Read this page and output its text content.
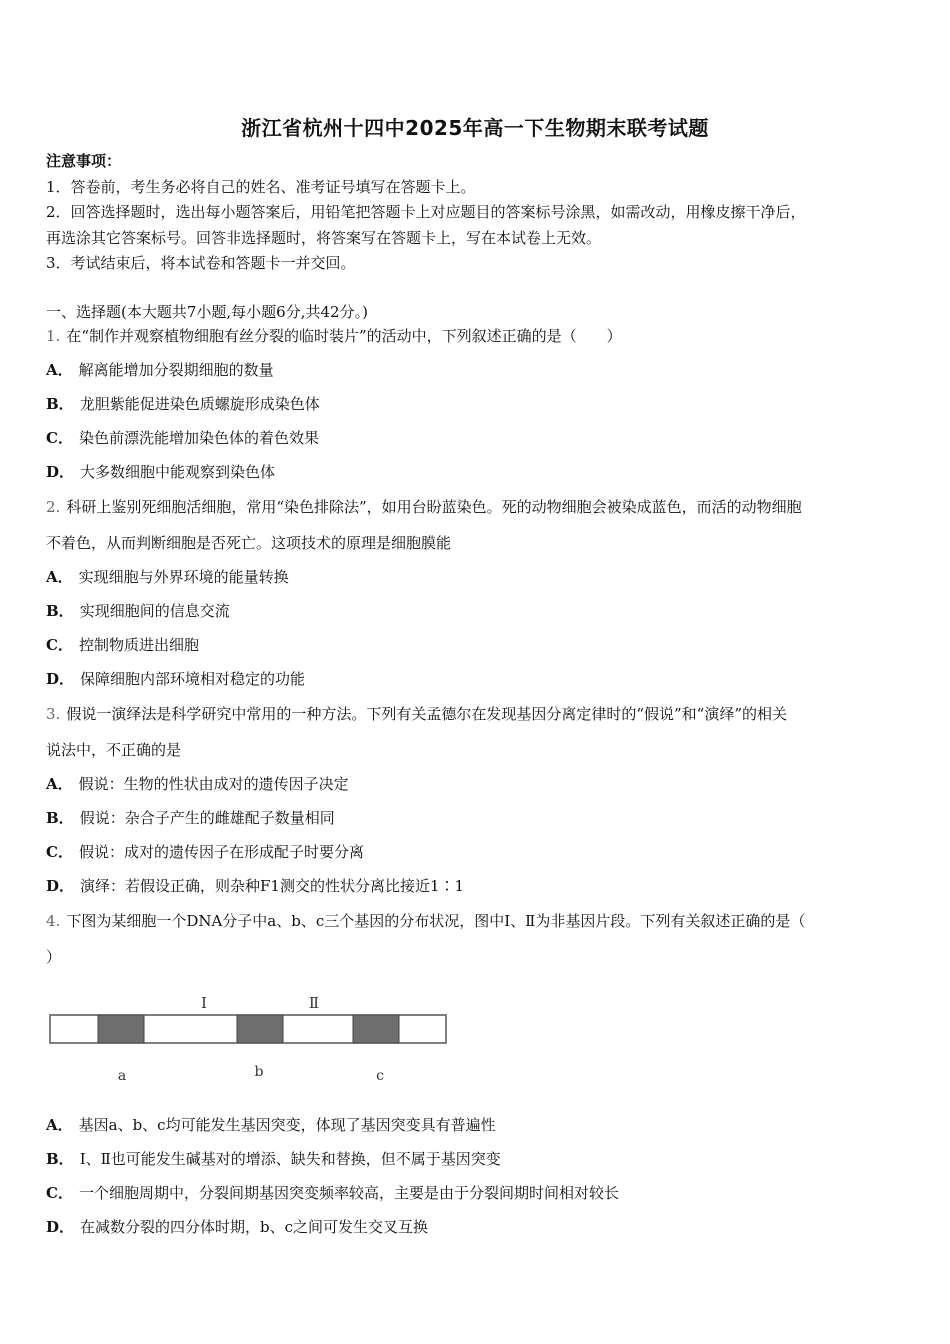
浙江省杭州十四中2025年高一下生物期末联考试题
注意事项：
1．答卷前，考生务必将自己的姓名、准考证号填写在答题卡上。
2．回答选择题时，选出每小题答案后，用铅笔把答题卡上对应题目的答案标号涂黑，如需改动，用橡皮擦干净后，
再选涂其它答案标号。回答非选择题时，将答案写在答题卡上，写在本试卷上无效。
3．考试结束后，将本试卷和答题卡一并交回。
一、选择题(本大题共7小题,每小题6分,共42分。)
1. 在“制作并观察植物细胞有丝分裂的临时装片”的活动中，下列叙述正确的是（　　）
A． 解离能增加分裂期细胞的数量
B． 龙胆紫能促进染色质螺旋形成染色体
C． 染色前漂洗能增加染色体的着色效果
D． 大多数细胞中能观察到染色体
2. 科研上鉴别死细胞活细胞，常用“染色排除法”，如用台盼蓝染色。死的动物细胞会被染成蓝色，而活的动物细胞
不着色，从而判断细胞是否死亡。这项技术的原理是细胞膜能
A． 实现细胞与外界环境的能量转换
B． 实现细胞间的信息交流
C． 控制物质进出细胞
D． 保障细胞内部环境相对稳定的功能
3. 假说一演绎法是科学研究中常用的一种方法。下列有关孟德尔在发现基因分离定律时的“假说”和“演绎”的相关
说法中，不正确的是
A． 假说：生物的性状由成对的遗传因子决定
B． 假说：杂合子产生的雌雄配子数量相同
C． 假说：成对的遗传因子在形成配子时要分离
D． 演绎：若假设正确，则杂种F1测交的性状分离比接近1∶1
4. 下图为某细胞一个DNA分子中a、b、c三个基因的分布状况，图中Ⅰ、Ⅱ为非基因片段。下列有关叙述正确的是（
）
Ⅰ	Ⅱ
a	b	c
A． 基因a、b、c均可能发生基因突变，体现了基因突变具有普遍性
B． Ⅰ、Ⅱ也可能发生碱基对的增添、缺失和替换，但不属于基因突变
C． 一个细胞周期中，分裂间期基因突变频率较高，主要是由于分裂间期时间相对较长
D． 在减数分裂的四分体时期，b、c之间可发生交叉互换
